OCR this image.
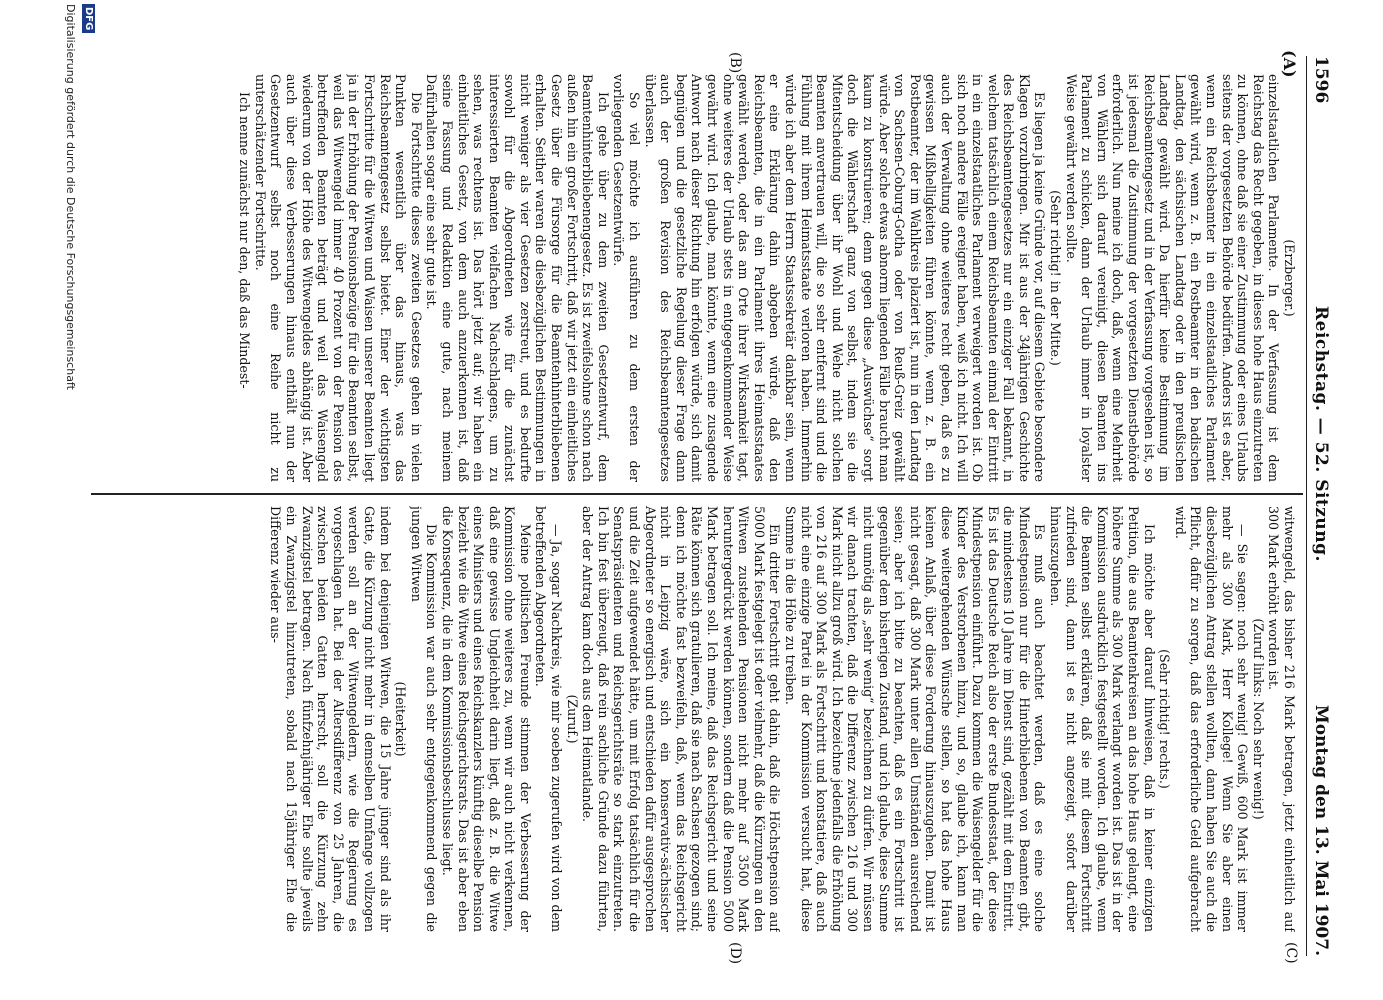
1596
Reichstag. — 52. Sitzung.
Montag den 13. Mai 1907.
(A)
(B)
(C)
(D)

(Erzberger.)

einzelstaatlichen Parlamente. In der Verfassung ist dem Reichstag das Recht gegeben, in dieses hohe Haus einzutreten zu können, ohne daß sie einer Zustimmung oder eines Urlaubs seitens der vorgesetzten Behörde bedürfen. Anders ist es aber, wenn ein Reichsbeamter in ein einzelstaatliches Parlament gewählt wird, wenn z. B. ein Postbeamter in den badischen Landtag, den sächsischen Landtag oder in den preußischen Landtag gewählt wird. Da hierfür keine Bestimmung im Reichsbeamtengesetz und in der Verfassung vorgesehen ist, so ist jedesmal die Zustimmung der vorgesetzten Dienstbehörde erforderlich. Nun meine ich doch, daß, wenn eine Mehrheit von Wählern sich darauf vereinigt, diesen Beamten ins Parlament zu schicken, dann der Urlaub immer in loyalster Weise gewährt werden sollte.

(Sehr richtig! in der Mitte.)

Es liegen ja keine Gründe vor, auf diesem Gebiete besondere Klagen vorzubringen. Mir ist aus der 34jährigen Geschichte des Reichsbeamtengesetzes nur ein einziger Fall bekannt, in welchem tatsächlich einem Reichsbeamten einmal der Eintritt in ein einzelstaatliches Parlament verweigert worden ist. Ob sich noch andere Fälle ereignet haben, weiß ich nicht. Ich will auch der Verwaltung ohne weiteres recht geben, daß es zu gewissen Mißhelligkeiten führen könnte, wenn z. B. ein Postbeamter, der im Wahlkreis plaziert ist, nun in den Landtag von Sachsen-Coburg-Gotha oder von Reuß-Greiz gewählt würde. Aber solche etwas abnorm liegenden Fälle braucht man kaum zu konstruieren; denn gegen diese „Auswüchse“ sorgt doch die Wählerschaft ganz von selbst, indem sie die Mitentscheidung über ihr Wohl und Wehe nicht solchen Beamten anvertrauen will, die so sehr entfernt sind und die Fühlung mit ihrem Heimatsstaate verloren haben. Immerhin würde ich aber dem Herrn Staatssekretär dankbar sein, wenn er eine Erklärung dahin abgeben würde, daß den Reichsbeamten, die in ein Parlament ihres Heimatsstaates gewählt werden, oder das am Orte ihrer Wirksamkeit tagt, ohne weiteres der Urlaub stets in entgegenkommender Weise gewährt wird. Ich glaube, man könnte, wenn eine zusagende Antwort nach dieser Richtung hin erfolgen würde, sich damit begnügen und die gesetzliche Regelung dieser Frage dann auch der großen Revision des Reichsbeamtengesetzes überlassen.

So viel möchte ich ausführen zu dem ersten der vorliegenden Gesetzentwürfe.

Ich gehe über zu dem zweiten Gesetzentwurf, dem Beamtenhinterbliebenengesetz. Es ist zweifelsohne schon nach außen hin ein großer Fortschritt, daß wir jetzt ein einheitliches Gesetz über die Fürsorge für die Beamtenhinterbliebenen erhalten. Seither waren die diesbezüglichen Bestimmungen in nicht weniger als vier Gesetzen zerstreut, und es bedurfte sowohl für die Abgeordneten wie für die zunächst interessierten Beamten vielfachen Nachschlagens, um zu sehen, was rechtens ist. Das hört jetzt auf; wir haben ein einheitliches Gesetz, von dem auch anzuerkennen ist, daß seine Fassung und Redaktion eine gute, nach meinem Dafürhalten sogar eine sehr gute ist.

Die Fortschritte dieses zweiten Gesetzes gehen in vielen Punkten wesentlich über das hinaus, was das Reichsbeamtengesetz selbst bietet. Einer der wichtigsten Fortschritte für die Witwen und Waisen unserer Beamten liegt ja in der Erhöhung der Pensionsbezüge für die Beamten selbst, weil das Witwengeld immer 40 Prozent von der Pension des betreffenden Beamten beträgt und weil das Waisengeld wiederum von der Höhe des Witwengeldes abhängig ist. Aber auch über diese Verbesserungen hinaus enthält nun der Gesetzentwurf selbst noch eine Reihe nicht zu unterschätzender Fortschritte.

Ich nenne zunächst nur den, daß das Mindest-

witwengeld, das bisher 216 Mark betragen, jetzt einheitlich auf 300 Mark erhöht worden ist.

(Zuruf links: Noch sehr wenig!)

— Sie sagen: noch sehr wenig! Gewiß, 600 Mark ist immer mehr als 300 Mark, Herr Kollege! Wenn Sie aber einen diesbezüglichen Antrag stellen wollten, dann haben Sie auch die Pflicht, dafür zu sorgen, daß das erforderliche Geld aufgebracht wird.

(Sehr richtig! rechts.)

Ich möchte aber darauf hinweisen, daß in keiner einzigen Petition, die aus Beamtenkreisen an das hohe Haus gelangt, eine höhere Summe als 300 Mark verlangt worden ist. Das ist in der Kommission ausdrücklich festgestellt worden. Ich glaube, wenn die Beamten selbst erklären, daß sie mit diesem Fortschritt zufrieden sind, dann ist es nicht angezeigt, sofort darüber hinauszugehen.

Es muß auch beachtet werden, daß es eine solche Mindestpension nur für die Hinterbliebenen von Beamten gibt, die mindestens 10 Jahre im Dienst sind, gezählt mit dem Eintritt. Es ist das Deutsche Reich also der erste Bundesstaat, der diese Mindestpension einführt. Dazu kommen die Waisengelder für die Kinder des Verstorbenen hinzu, und so, glaube ich, kann man diese weitergehenden Wünsche stellen, so hat das hohe Haus keinen Anlaß, über diese Forderung hinauszugehen. Damit ist nicht gesagt, daß 300 Mark unter allen Umständen ausreichend seien; aber ich bitte zu beachten, daß es ein Fortschritt ist gegenüber dem bisherigen Zustand, und ich glaube, diese Summe nicht unnötig als „sehr wenig“ bezeichnen zu dürfen. Wir müssen wir danach trachten, daß die Differenz zwischen 216 und 300 Mark nicht allzu groß wird. Ich bezeichne jedenfalls die Erhöhung von 216 auf 300 Mark als Fortschritt und konstatiere, daß auch nicht eine einzige Partei in der Kommission versucht hat, diese Summe in die Höhe zu treiben.

Ein dritter Fortschritt geht dahin, daß die Höchstpension auf 5000 Mark festgelegt ist oder vielmehr, daß die Kürzungen an den Witwen zustehenden Pensionen nicht mehr auf 3500 Mark heruntergedrückt werden können, sondern daß die Pension 5000 Mark betragen soll. Ich meine, daß das Reichsgericht und seine Räte können sich gratulieren, daß sie nach Sachsen gezogen sind; denn ich möchte fast bezweifeln, daß, wenn das Reichsgericht nicht in Leipzig wäre, sich ein konservativ-sächsischer Abgeordneter so energisch und entschieden dafür ausgesprochen und die Zeit aufgewendet hätte, um mit Erfolg tatsächlich für die Senatspräsidenten und Reichsgerichtsräte so stark einzutreten. Ich bin fest überzeugt, daß rein sachliche Gründe dazu führten, aber der Antrag kam doch aus dem Heimatlande.

(Zuruf.)

— Ja, sogar Nachkreis, wie mir soeben zugerufen wird von dem betreffenden Abgeordneten.

Meine politischen Freunde stimmen der Verbesserung der Kommission ohne weiteres zu, wenn wir auch nicht verkennen, daß eine gewisse Ungleichheit darin liegt, daß z. B. die Witwe eines Ministers und eines Reichskanzlers künftig dieselbe Pension bezieht wie die Witwe eines Reichsgerichtsrats. Das ist aber eben die Konsequenz, die in dem Kommissionsbeschlusse liegt.

Die Kommission war auch sehr entgegenkommend gegen die jungen Witwen

(Heiterkeit)

indem bei denjenigen Witwen, die 15 Jahre jünger sind als ihr Gatte, die Kürzung nicht mehr in demselben Umfange vollzogen werden soll an der Witwengeldern, wie die Regierung es vorgeschlagen hat. Bei der Altersdifferenz von 25 Jahren, die zwischen beiden Gatten herrscht, soll die Kürzung zehn Zwanzigstel betragen. Nach fünfzehnjähriger Ehe sollte jeweils ein Zwanzigstel hinzutreten, sobald nach 15jähriger Ehe die Differenz wieder aus-

DFG
Digitalisierung gefördert durch die Deutsche Forschungsgemeinschaft
